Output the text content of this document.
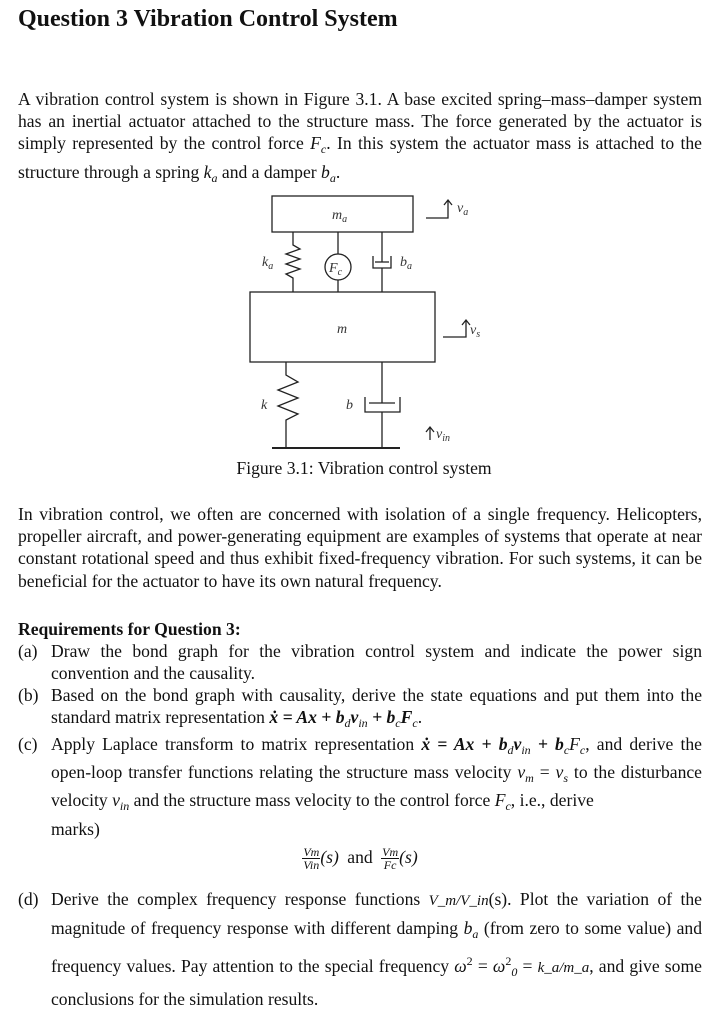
Question 3 Vibration Control System

A vibration control system is shown in Figure 3.1. A base excited spring–mass–damper system has an inertial actuator attached to the structure mass. The force generated by the actuator is simply represented by the control force $F_c$. In this system the actuator mass is attached to the structure through a spring $k_a$ and a damper $b_a$.

$m_a$
$k_a$	$F_c$
$b_a$
m
k	b
$v_a$
$v_s$
$v_{in}$
Figure 3.1: Vibration control system

In vibration control, we often are concerned with isolation of a single frequency. Helicopters, propeller aircraft, and power-generating equipment are examples of systems that operate at near constant rotational speed and thus exhibit fixed-frequency vibration. For such systems, it can be beneficial for the actuator to have its own natural frequency.

Requirements for Question 3:
(a) Draw the bond graph for the vibration control system and indicate the power sign convention and the causality.
(b) Based on the bond graph with causality, derive the state equations and put them into the standard matrix representation ẋ = $Ax + b_dv_{in} + b_cF_c$.
(c) Apply Laplace transform to matrix representation ẋ = $Ax + b_dv_{in} + b_cF_c$, and derive the open-loop transfer functions relating the structure mass velocity $v_m = v_s$ to the disturbance velocity $v_{in}$ and the structure mass velocity to the control force $F_c$, i.e., derive
marks)
$\frac{Vm}{\text{Vin}} (s)$ and $\frac{Vm}{Fc} (s)$
(d) Derive the complex frequency response functions V_m/V_in(s). Plot the variation of the magnitude of frequency response with different damping $b_a$ (from zero to some value) and frequency values. Pay attention to the special frequency $\omega^2 = \omega^2_0$ = k_a/m_a, and give some conclusions for the simulation results.
